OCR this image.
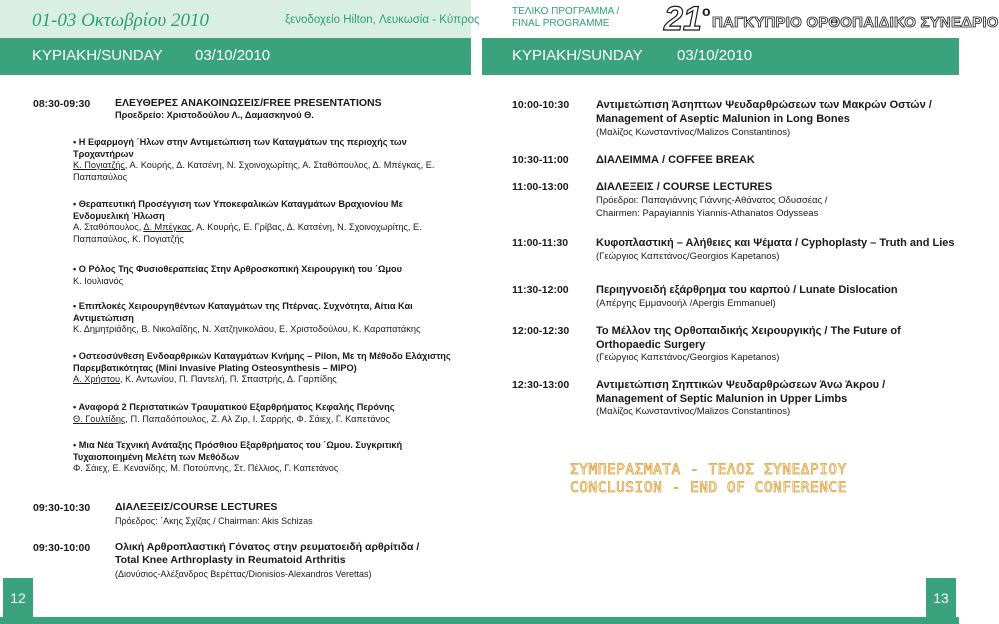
01-03 Οκτωβρίου 2010	ξενοδοχείο Hilton, Λευκωσία - Κύπρος
ΤΕΛΙΚΟ ΠΡΟΓΡΑΜΜΑ /
FINAL PROGRAMME 21 ο
ΠΑΓΚΥΠΡΙΟ ΟΡΘΟΠΑΙΔΙΚΟ ΣΥΝΕΔΡΙΟ
ΚΥΡΙΑΚΗ/SUNDAY 03/10/2010	ΚΥΡΙΑΚΗ/SUNDAY 03/10/2010
08:30-09:30 ΕΛΕΥΘΕΡΕΣ ΑΝΑΚΟΙΝΩΣΕΙΣ/FREE PRESENTATIONS
Προεδρείο: Χριστοδούλου Λ., Δαμασκηνού Θ.
• Η Εφαρμογή ΄Ηλων στην Αντιμετώπιση των Καταγμάτων της περιοχής των Τροχαντήρων
Κ. Πογιατζής, Α. Κουρής, Δ. Κατσένη, Ν. Σχοινοχωρίτης, Α. Σταθόπουλος, Δ. Μπέγκας, Ε. Παπαπαύλος
• Θεραπευτική Προσέγγιση των Υποκεφαλικών Καταγμάτων Βραχιονίου Με Ενδομυελική Ήλωση
Α. Σταθόπουλος, Δ. Μπέγκας, Α. Κουρής, Ε. Γρίβας, Δ. Κατσένη, Ν. Σχοινοχωρίτης, Ε. Παπαπαύλος, Κ. Πογιατζής
• Ο Ρόλος Της Φυσιοθεραπείας Στην Αρθροσκοπική Χειρουργική του ΄Ωμου
Κ. Ιουλιανός
• Επιπλοκές Χειρουργηθέντων Καταγμάτων της Πτέρνας. Συχνότητα, Αίτια Και Αντιμετώπιση
Κ. Δημητριάδης, Β. Νικολαΐδης, Ν. Χατζηνικολάου, Ε. Χριστοδούλου, Κ. Καραπατάκης
• Οστεοσύνθεση Ενδοαρθρικών Καταγμάτων Κνήμης – Pilon, Με τη Μέθοδο Ελάχιστης Παρεμβατικότητας (Mini Invasive Plating Osteosynthesis – MIPO)
Α. Χρήστου, Κ. Αντωνίου, Π. Παντελή, Π. Σπαστρής, Δ. Γαρπίδης
• Αναφορά 2 Περιστατικών Τραυματικού Εξαρθρήματος Κεφαλής Περόνης
Θ. Γουλτίδης, Π. Παπαδόπουλος, Ζ. Αλ Ζιρ, Ι. Σαρρής, Φ. Σάιεχ, Γ. Καπετάνος
• Μια Νέα Τεχνική Ανάταξης Πρόσθιου Εξαρθρήματος του ΄Ωμου. Συγκριτική Τυχαιοποιημένη Μελέτη των Μεθόδων
Φ. Σάιεχ, Ε. Κενανίδης, Μ. Ποτούπνης, Στ. Πέλλιος, Γ. Καπετάνος
09:30-10:30 ΔΙΑΛΕΞΕΙΣ/COURSE LECTURES
Πρόεδρος: ΄Ακης Σχίζας / Chairman: Akis Schizas
09:30-10:00 Ολική Αρθροπλαστική Γόνατος στην ρευματοειδή αρθρίτιδα /
Total Knee Arthroplasty in Reumatoid Arthritis
(Διονύσιος-Αλέξανδρος Βερέττας/Dionisios-Alexandros Verettas)
10:00-10:30 Αντιμετώπιση Άσηπτων Ψευδαρθρώσεων των Μακρών Οστών /
Management of Aseptic Malunion in Long Bones
(Μαλίζος Κωνσταντίνος/Malizos Constantinos)
10:30-11:00 ΔΙΑΛΕΙΜΜΑ / COFFEE BREAK
11:00-13:00 ΔΙΑΛΕΞΕΙΣ / COURSE LECTURES
Πρόεδροι: Παπαγιάννης Γιάννης-Αθάνατος Οδυσσέας /
Chairmen: Papayiannis Yiannis-Athanatos Odysseas
11:00-11:30	Κυφοπλαστική – Αλήθειες και Ψέματα / Cyphoplasty – Truth and Lies
(Γεώργιος Καπετάνος/Georgios Kapetanos)
11:30-12:00 Περιηγνοειδή εξάρθρημα του καρπού / Lunate Dislocation
(Απέργης Εμμανουήλ /Apergis Emmanuel)
12:00-12:30 Το Μέλλον της Ορθοπαιδικής Χειρουργικής / The Future of
Orthopaedic Surgery
(Γεώργιος Καπετάνος/Georgios Kapetanos)
12:30-13:00 Αντιμετώπιση Σηπτικών Ψευδαρθρώσεων Άνω Άκρου /
Management of Septic Malunion in Upper Limbs
(Μαλίζος Κωνσταντίνος/Malizos Constantinos)
ΣΥΜΠΕΡΑΣΜΑΤΑ - ΤΕΛΟΣ ΣΥΝΕΔΡΙΟΥ
CONCLUSION - END OF CONFERENCE
12	13
